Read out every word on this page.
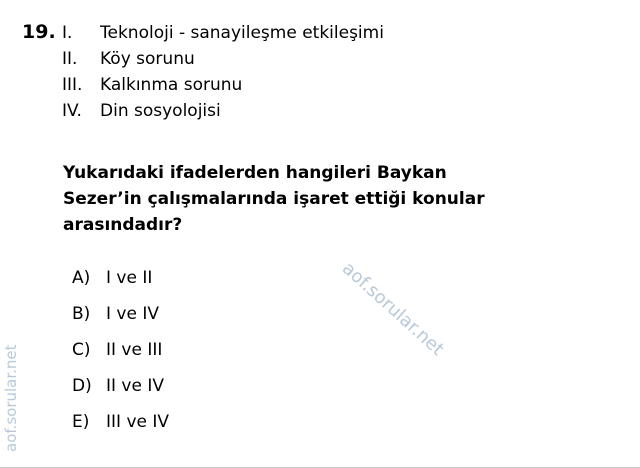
19. I.	Teknoloji - sanayileşme etkileşimi
II.	Köy sorunu
III.	Kalkınma sorunu
IV.	Din sosyolojisi
Yukarıdaki ifadelerden hangileri Baykan
Sezer’in çalışmalarında işaret ettiği konular
arasındadır?
A) I ve II
B) I ve IV
C) II ve III
D) II ve IV
E) III ve IV
aof.sorular.net
aof.sorular.net
